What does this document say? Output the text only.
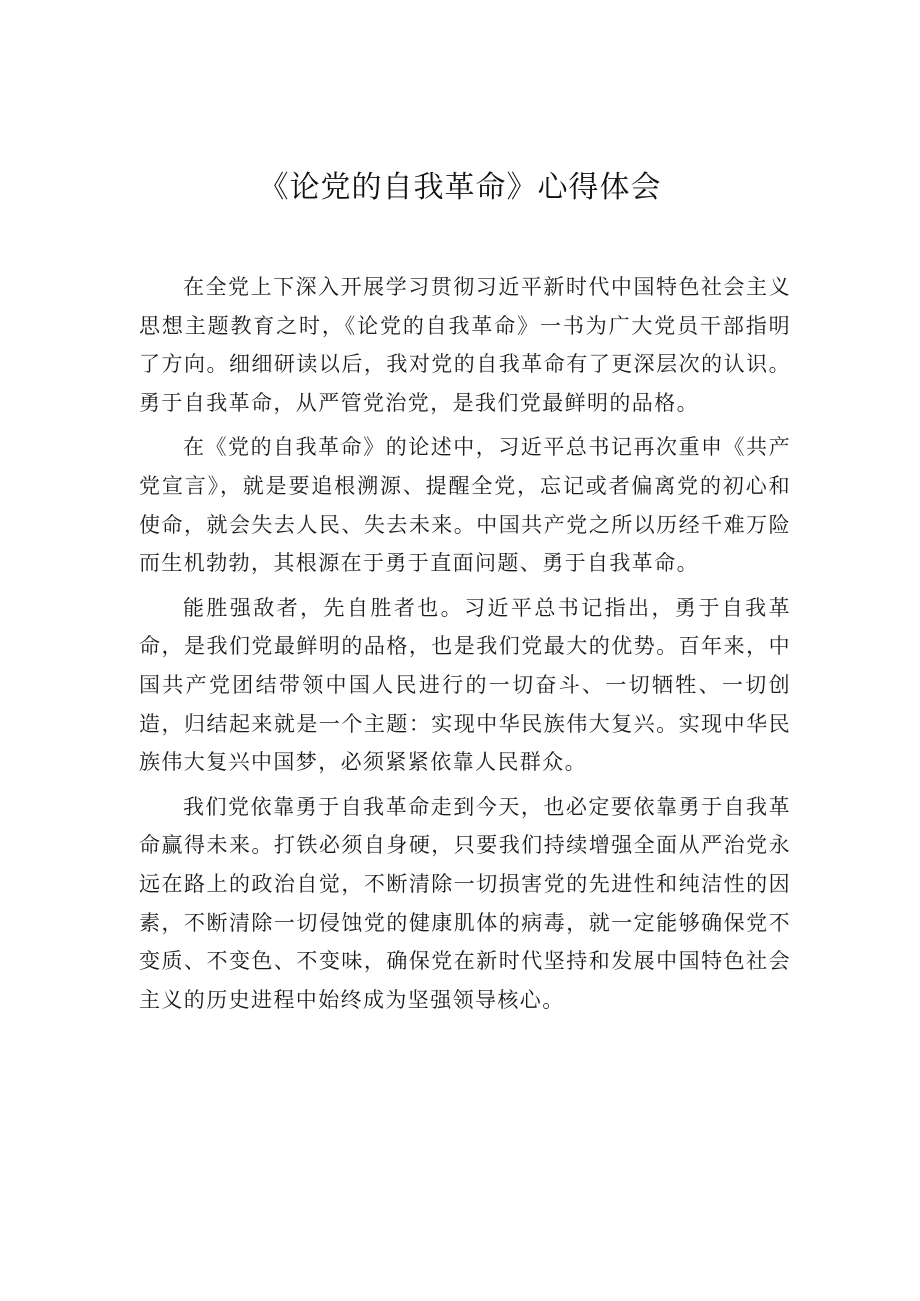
《论党的自我革命》心得体会

在全党上下深入开展学习贯彻习近平新时代中国特色社会主义思想主题教育之时，《论党的自我革命》一书为广大党员干部指明了方向。细细研读以后，我对党的自我革命有了更深层次的认识。勇于自我革命，从严管党治党，是我们党最鲜明的品格。

在《党的自我革命》的论述中，习近平总书记再次重申《共产党宣言》，就是要追根溯源、提醒全党，忘记或者偏离党的初心和使命，就会失去人民、失去未来。中国共产党之所以历经千难万险而生机勃勃，其根源在于勇于直面问题、勇于自我革命。

能胜强敌者，先自胜者也。习近平总书记指出，勇于自我革命，是我们党最鲜明的品格，也是我们党最大的优势。百年来，中国共产党团结带领中国人民进行的一切奋斗、一切牺牲、一切创造，归结起来就是一个主题：实现中华民族伟大复兴。实现中华民族伟大复兴中国梦，必须紧紧依靠人民群众。

我们党依靠勇于自我革命走到今天，也必定要依靠勇于自我革命赢得未来。打铁必须自身硬，只要我们持续增强全面从严治党永远在路上的政治自觉，不断清除一切损害党的先进性和纯洁性的因素，不断清除一切侵蚀党的健康肌体的病毒，就一定能够确保党不变质、不变色、不变味，确保党在新时代坚持和发展中国特色社会主义的历史进程中始终成为坚强领导核心。
